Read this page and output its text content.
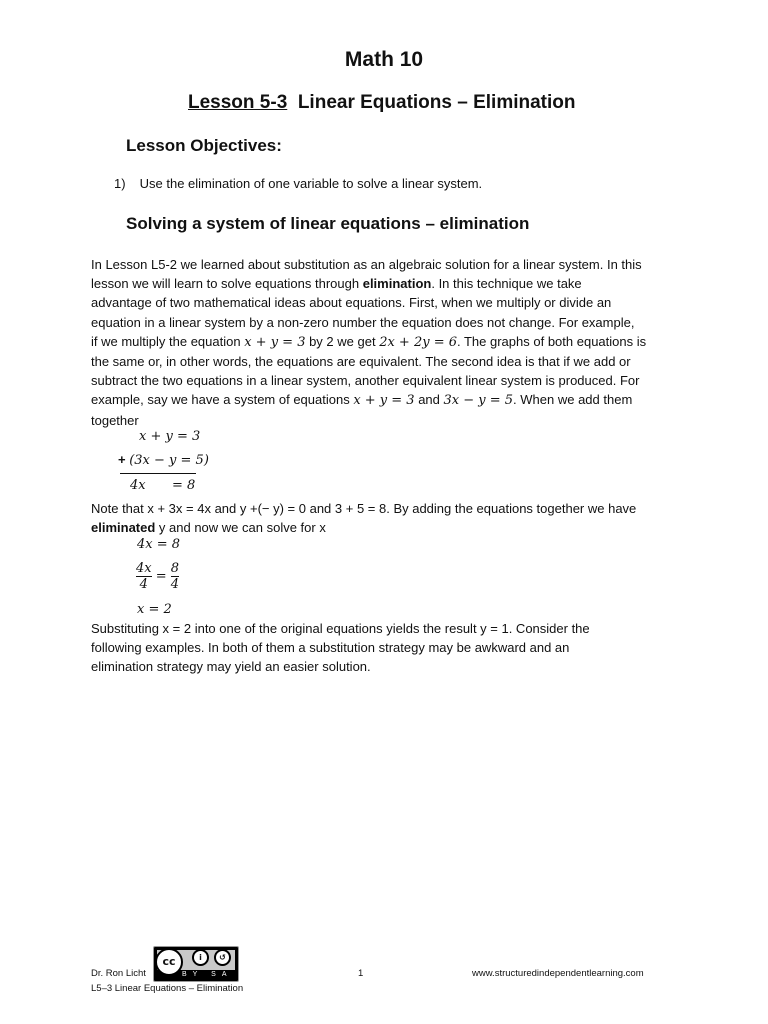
Math 10
Lesson 5-3 Linear Equations – Elimination
Lesson Objectives:
1) Use the elimination of one variable to solve a linear system.
Solving a system of linear equations – elimination
In Lesson L5-2 we learned about substitution as an algebraic solution for a linear system. In this
lesson we will learn to solve equations through elimination. In this technique we take
advantage of two mathematical ideas about equations. First, when we multiply or divide an
equation in a linear system by a non-zero number the equation does not change. For example,
if we multiply the equation x + y = 3 by 2 we get 2x + 2y = 6. The graphs of both equations is
the same or, in other words, the equations are equivalent. The second idea is that if we add or
subtract the two equations in a linear system, another equivalent linear system is produced. For
example, say we have a system of equations x + y = 3 and 3x − y = 5. When we add them
together
x + y = 3
+ (3x − y = 5)
4x = 8
Note that x + 3x = 4x and y +(− y) = 0 and 3 + 5 = 8. By adding the equations together we have
eliminated y and now we can solve for x
4x = 8
$\frac{4x}{4} = \frac{8}{4}$
x = 2
Substituting x = 2 into one of the original equations yields the result y = 1. Consider the
following examples. In both of them a substitution strategy may be awkward and an
elimination strategy may yield an easier solution.
Dr. Ron Licht
cc	i	↺
BY SA	1	www.structuredindependentlearning.com
L5–3 Linear Equations – Elimination
